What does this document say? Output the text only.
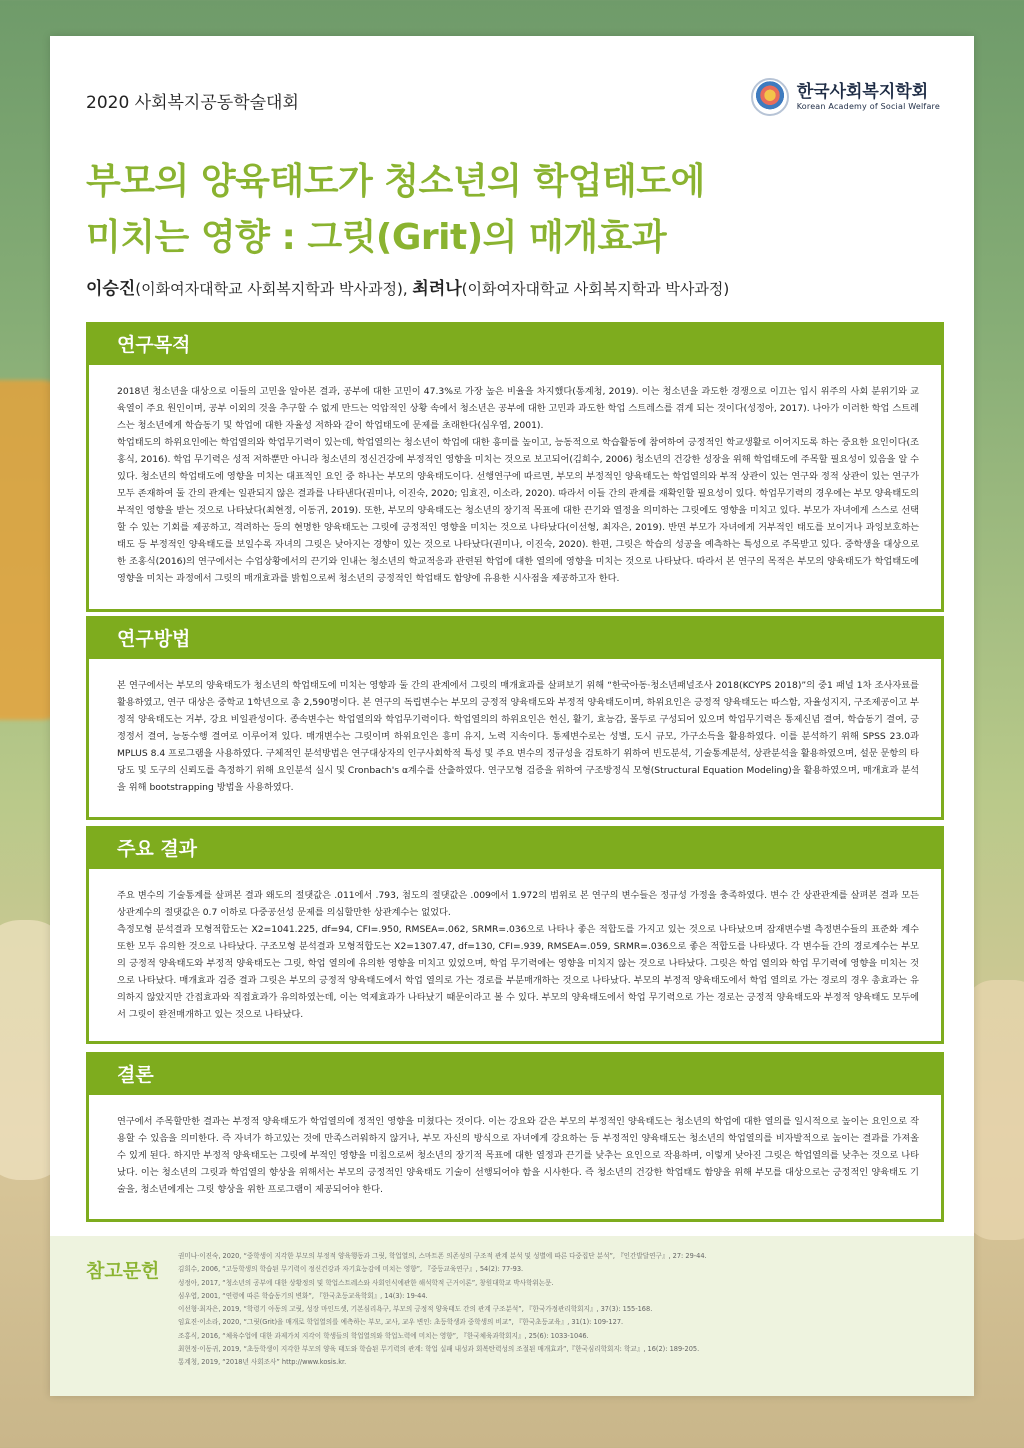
2020 사회복지공동학술대회
한국사회복지학회
Korean Academy of Social Welfare
부모의 양육태도가 청소년의 학업태도에
미치는 영향 : 그릿(Grit)의 매개효과
이승진(이화여자대학교 사회복지학과 박사과정), 최려나(이화여자대학교 사회복지학과 박사과정)
연구목적

2018년 청소년을 대상으로 이들의 고민을 알아본 결과, 공부에 대한 고민이 47.3%로 가장 높은 비율을 차지했다(통계청, 2019). 이는 청소년을 과도한 경쟁으로 이끄는 입시 위주의 사회 분위기와 교육열이 주요 원인이며, 공부 이외의 것을 추구할 수 없게 만드는 억압적인 상황 속에서 청소년은 공부에 대한 고민과 과도한 학업 스트레스를 겪게 되는 것이다(성정아, 2017). 나아가 이러한 학업 스트레스는 청소년에게 학습동기 및 학업에 대한 자율성 저하와 같이 학업태도에 문제를 초래한다(심우엽, 2001).

학업태도의 하위요인에는 학업열의와 학업무기력이 있는데, 학업열의는 청소년이 학업에 대한 흥미를 높이고, 능동적으로 학습활동에 참여하여 긍정적인 학교생활로 이어지도록 하는 중요한 요인이다(조홍식, 2016). 학업 무기력은 성적 저하뿐만 아니라 청소년의 정신건강에 부정적인 영향을 미치는 것으로 보고되어(김희수, 2006) 청소년의 건강한 성장을 위해 학업태도에 주목할 필요성이 있음을 알 수 있다. 청소년의 학업태도에 영향을 미치는 대표적인 요인 중 하나는 부모의 양육태도이다. 선행연구에 따르면, 부모의 부정적인 양육태도는 학업열의와 부적 상관이 있는 연구와 정적 상관이 있는 연구가 모두 존재하여 둘 간의 관계는 일관되지 않은 결과를 나타낸다(권미나, 이진숙, 2020; 임효진, 이소라, 2020). 따라서 이들 간의 관계를 재확인할 필요성이 있다. 학업무기력의 경우에는 부모 양육태도의 부적인 영향을 받는 것으로 나타났다(최현정, 이동귀, 2019). 또한, 부모의 양육태도는 청소년의 장기적 목표에 대한 끈기와 열정을 의미하는 그릿에도 영향을 미치고 있다. 부모가 자녀에게 스스로 선택할 수 있는 기회를 제공하고, 격려하는 등의 현명한 양육태도는 그릿에 긍정적인 영향을 미치는 것으로 나타났다(이선형, 최자은, 2019). 반면 부모가 자녀에게 거부적인 태도를 보이거나 과잉보호하는 태도 등 부정적인 양육태도를 보일수록 자녀의 그릿은 낮아지는 경향이 있는 것으로 나타났다(권미나, 이진숙, 2020). 한편, 그릿은 학습의 성공을 예측하는 특성으로 주목받고 있다. 중학생을 대상으로 한 조홍식(2016)의 연구에서는 수업상황에서의 끈기와 인내는 청소년의 학교적응과 관련된 학업에 대한 열의에 영향을 미치는 것으로 나타났다. 따라서 본 연구의 목적은 부모의 양육태도가 학업태도에 영향을 미치는 과정에서 그릿의 매개효과를 밝힘으로써 청소년의 긍정적인 학업태도 함양에 유용한 시사점을 제공하고자 한다.

연구방법

본 연구에서는 부모의 양육태도가 청소년의 학업태도에 미치는 영향과 둘 간의 관계에서 그릿의 매개효과를 살펴보기 위해 “한국아동·청소년패널조사 2018(KCYPS 2018)”의 중1 패널 1차 조사자료를 활용하였고, 연구 대상은 중학교 1학년으로 총 2,590명이다. 본 연구의 독립변수는 부모의 긍정적 양육태도와 부정적 양육태도이며, 하위요인은 긍정적 양육태도는 따스함, 자율성지지, 구조제공이고 부정적 양육태도는 거부, 강요 비일관성이다. 종속변수는 학업열의와 학업무기력이다. 학업열의의 하위요인은 헌신, 활기, 효능감, 몰두로 구성되어 있으며 학업무기력은 통제신념 결여, 학습동기 결여, 긍정정서 결여, 능동수행 결여로 이루어져 있다. 매개변수는 그릿이며 하위요인은 흥미 유지, 노력 지속이다. 통제변수로는 성별, 도시 규모, 가구소득을 활용하였다. 이를 분석하기 위해 SPSS 23.0과 MPLUS 8.4 프로그램을 사용하였다. 구체적인 분석방법은 연구대상자의 인구사회학적 특성 및 주요 변수의 정규성을 검토하기 위하여 빈도분석, 기술통계분석, 상관분석을 활용하였으며, 설문 문항의 타당도 및 도구의 신뢰도를 측정하기 위해 요인분석 실시 및 Cronbach's α계수를 산출하였다. 연구모형 검증을 위하여 구조방정식 모형(Structural Equation Modeling)을 활용하였으며, 매개효과 분석을 위해 bootstrapping 방법을 사용하였다.

주요 결과

주요 변수의 기술통계를 살펴본 결과 왜도의 절댓값은 .011에서 .793, 첨도의 절댓값은 .009에서 1.972의 범위로 본 연구의 변수들은 정규성 가정을 충족하였다. 변수 간 상관관계를 살펴본 결과 모든 상관계수의 절댓값은 0.7 이하로 다중공선성 문제를 의심할만한 상관계수는 없었다.

측정모형 분석결과 모형적합도는 Χ2=1041.225, df=94, CFI=.950, RMSEA=.062, SRMR=.036으로 나타나 좋은 적합도를 가지고 있는 것으로 나타났으며 잠재변수별 측정변수들의 표준화 계수 또한 모두 유의한 것으로 나타났다. 구조모형 분석결과 모형적합도는 Χ2=1307.47, df=130, CFI=.939, RMSEA=.059, SRMR=.036으로 좋은 적합도를 나타냈다. 각 변수들 간의 경로계수는 부모의 긍정적 양육태도와 부정적 양육태도는 그릿, 학업 열의에 유의한 영향을 미치고 있었으며, 학업 무기력에는 영향을 미치지 않는 것으로 나타났다. 그릿은 학업 열의와 학업 무기력에 영향을 미치는 것으로 나타났다. 매개효과 검증 결과 그릿은 부모의 긍정적 양육태도에서 학업 열의로 가는 경로를 부분매개하는 것으로 나타났다. 부모의 부정적 양육태도에서 학업 열의로 가는 경로의 경우 총효과는 유의하지 않았지만 간접효과와 직접효과가 유의하였는데, 이는 억제효과가 나타났기 때문이라고 볼 수 있다. 부모의 양육태도에서 학업 무기력으로 가는 경로는 긍정적 양육태도와 부정적 양육태도 모두에서 그릿이 완전매개하고 있는 것으로 나타났다.

결론

연구에서 주목할만한 결과는 부정적 양육태도가 학업열의에 정적인 영향을 미쳤다는 것이다. 이는 강요와 같은 부모의 부정적인 양육태도는 청소년의 학업에 대한 열의를 일시적으로 높이는 요인으로 작용할 수 있음을 의미한다. 즉 자녀가 하고있는 것에 만족스러워하지 않거나, 부모 자신의 방식으로 자녀에게 강요하는 등 부정적인 양육태도는 청소년의 학업열의를 비자발적으로 높이는 결과를 가져올 수 있게 된다. 하지만 부정적 양육태도는 그릿에 부적인 영향을 미침으로써 청소년의 장기적 목표에 대한 열정과 끈기를 낮추는 요인으로 작용하며, 이렇게 낮아진 그릿은 학업열의를 낮추는 것으로 나타났다. 이는 청소년의 그릿과 학업열의 향상을 위해서는 부모의 긍정적인 양육태도 기술이 선행되어야 함을 시사한다. 즉 청소년의 건강한 학업태도 함양을 위해 부모를 대상으로는 긍정적인 양육태도 기술을, 청소년에게는 그릿 향상을 위한 프로그램이 제공되어야 한다.

참고문헌
권미나·이진숙, 2020, “중학생이 지각한 부모의 부정적 양육행동과 그릿, 학업열의, 스마트폰 의존성의 구조적 관계 분석 및 성별에 따른 다중집단 분석”, 『인간발달연구』, 27: 29-44.
김희수, 2006, “고등학생의 학습된 무기력이 정신건강과 자기효능감에 미치는 영향”, 『중등교육연구』, 54(2): 77-93.
성정아, 2017, “청소년의 공부에 대한 상황정의 및 학업스트레스와 사회인식에관한 해석학적 근거이론”, 창원대학교 박사학위논문.
심우엽, 2001, “연령에 따른 학습동기의 변화”, 『한국초등교육학회』, 14(3): 19-44.
이선형·최자은, 2019, “학령기 아동의 고릿, 성장 마인드셋, 기본심리욕구, 부모의 긍정적 양육태도 간의 관계 구조분석”, 『한국가정관리학회지』, 37(3): 155-168.
임효진·이소라, 2020, “그릿(Grit)을 매개로 학업열의를 예측하는 부모, 교사, 교우 변인: 초등학생과 중학생의 비교”, 『한국초등교육』, 31(1): 109-127.
조홍식, 2016, “체육수업에 대한 과제가치 지각이 학생들의 학업열의와 학업노력에 미치는 영향”, 『한국체육과학회지』, 25(6): 1033-1046.
최현정·이동귀, 2019, “초등학생이 지각한 부모의 양육 태도와 학습된 무기력의 관계: 학업 실패 내성과 회복탄력성의 조절된 매개효과”,『한국심리학회지: 학교』, 16(2): 189-205.
통계청, 2019, “2018년 사회조사” http://www.kosis.kr.
